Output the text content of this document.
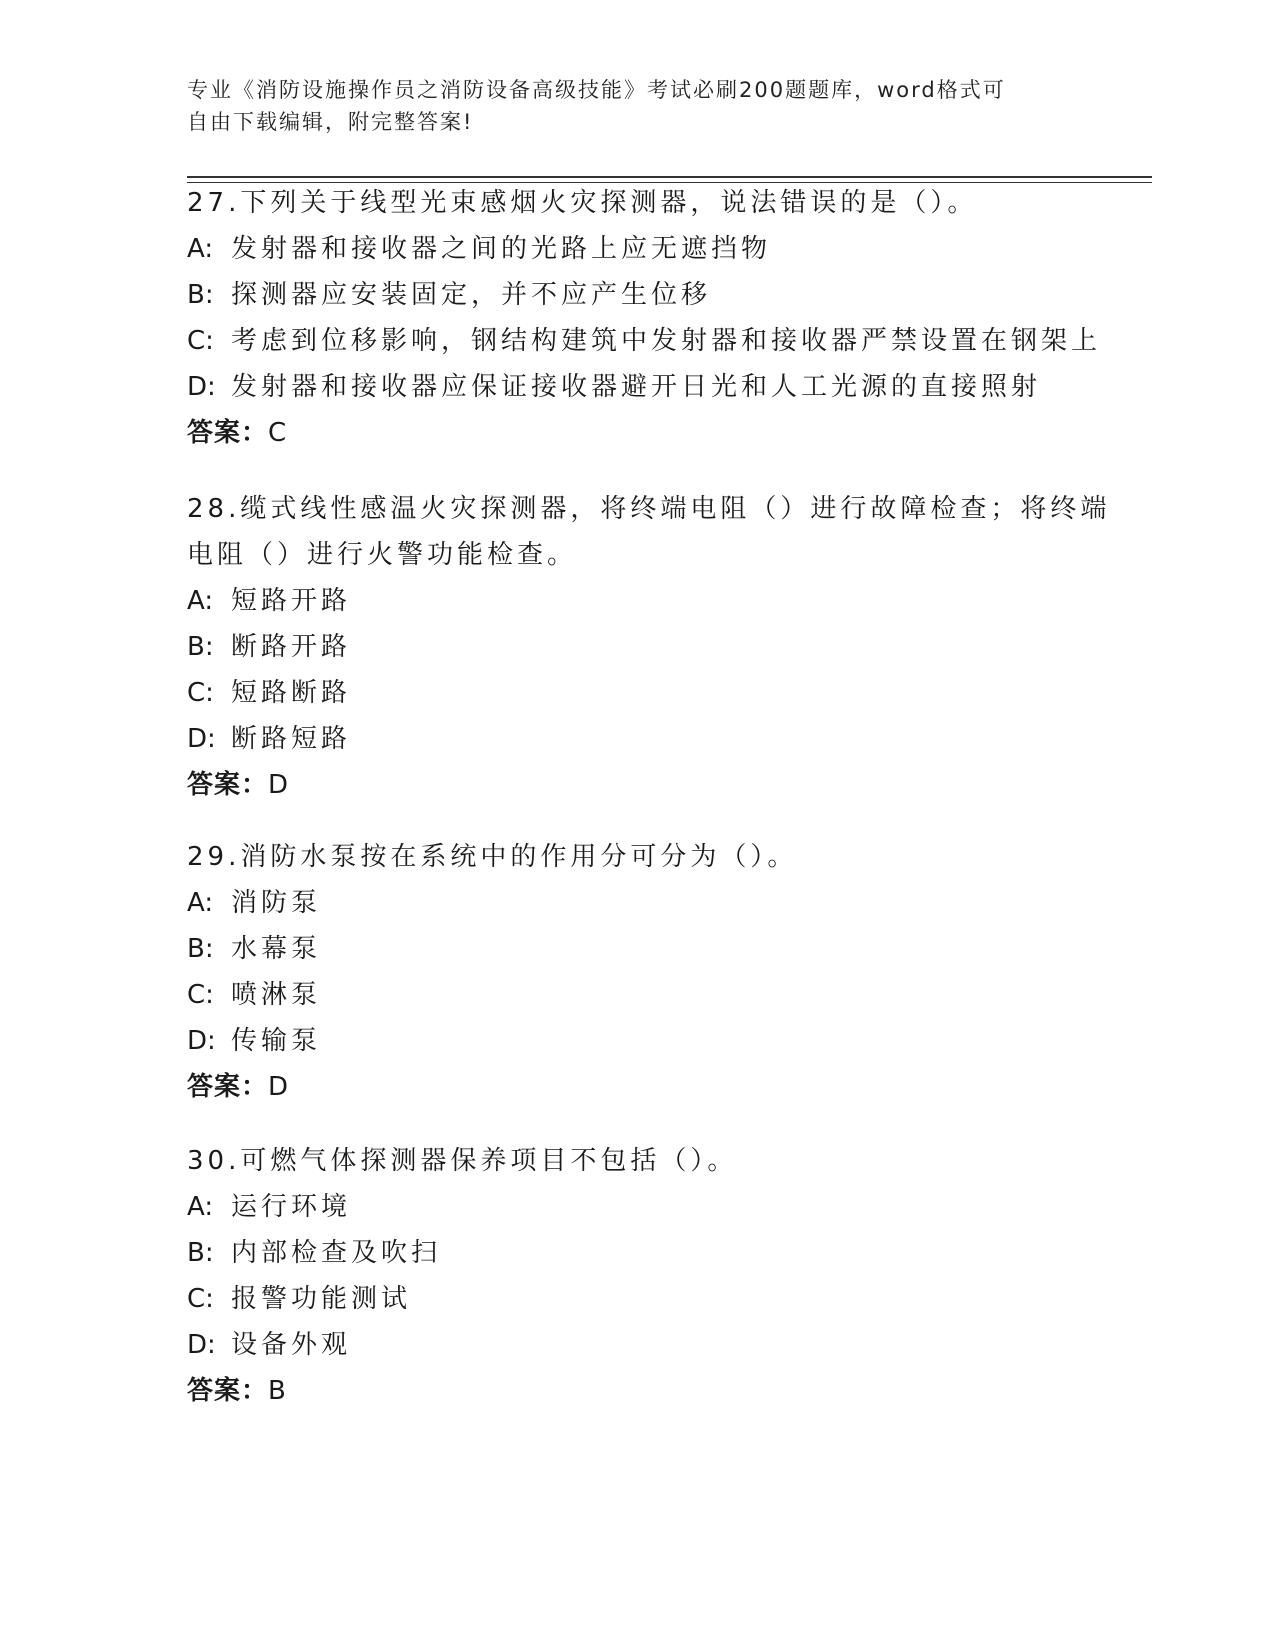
专业《消防设施操作员之消防设备高级技能》考试必刷200题题库，word格式可
自由下载编辑，附完整答案!
27.下列关于线型光束感烟火灾探测器，说法错误的是（）。
A: 发射器和接收器之间的光路上应无遮挡物
B: 探测器应安装固定，并不应产生位移
C: 考虑到位移影响，钢结构建筑中发射器和接收器严禁设置在钢架上
D: 发射器和接收器应保证接收器避开日光和人工光源的直接照射
答案：C
28.缆式线性感温火灾探测器，将终端电阻（）进行故障检查；将终端
电阻（）进行火警功能检查。
A: 短路开路
B: 断路开路
C: 短路断路
D: 断路短路
答案：D
29.消防水泵按在系统中的作用分可分为（）。
A: 消防泵
B: 水幕泵
C: 喷淋泵
D: 传输泵
答案：D
30.可燃气体探测器保养项目不包括（）。
A: 运行环境
B: 内部检查及吹扫
C: 报警功能测试
D: 设备外观
答案：B
